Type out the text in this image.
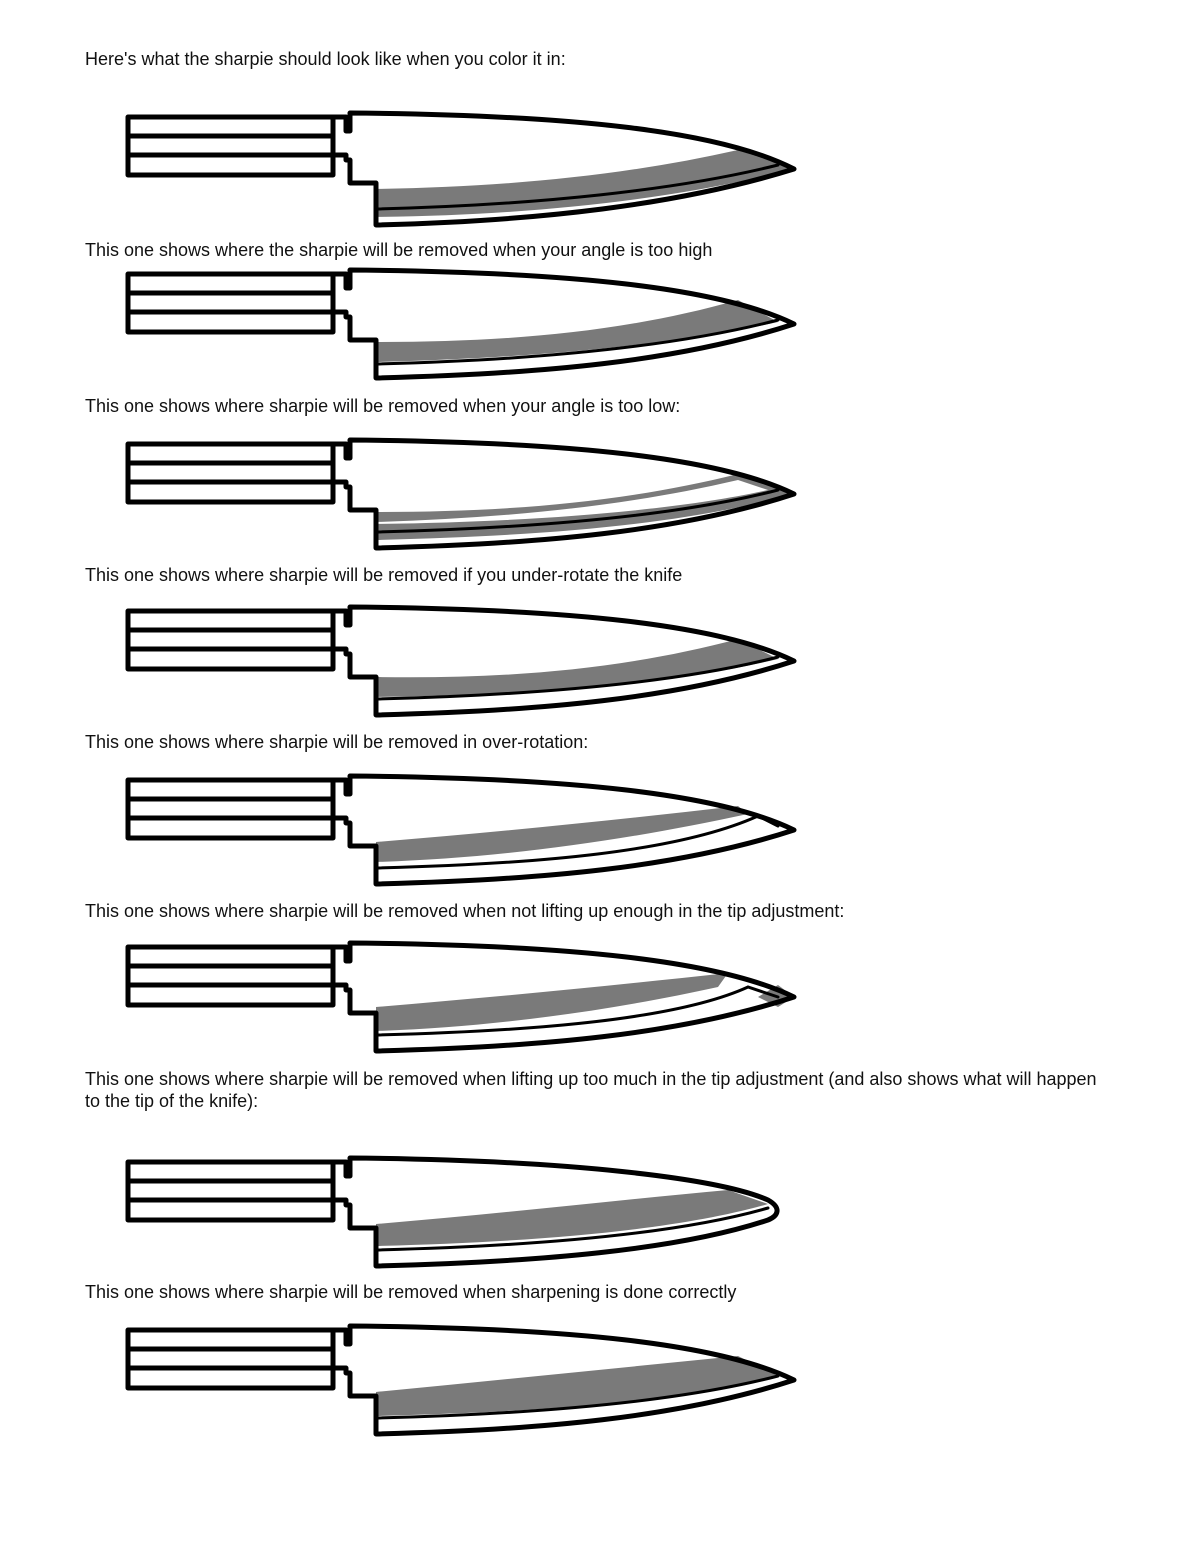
Here's what the sharpie should look like when you color it in:

This one shows where the sharpie will be removed when your angle is too high

This one shows where sharpie will be removed when your angle is too low:

This one shows where sharpie will be removed if you under-rotate the knife

This one shows where sharpie will be removed in over-rotation:

This one shows where sharpie will be removed when not lifting up enough in the tip adjustment:

This one shows where sharpie will be removed when lifting up too much in the tip adjustment (and also shows what will happen to the tip of the knife):

This one shows where sharpie will be removed when sharpening is done correctly
